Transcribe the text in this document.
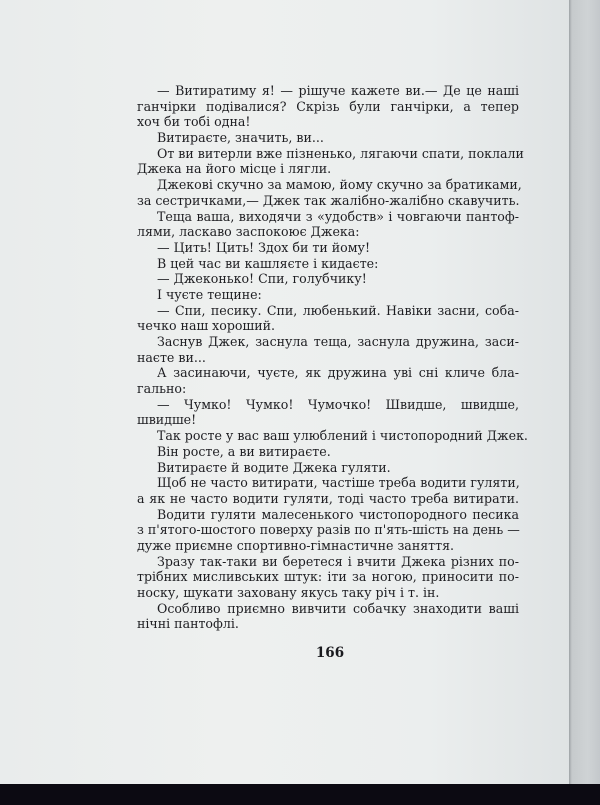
— Витиратиму я! — рішуче кажете ви.— Де це наші
ганчірки подівалися? Скрізь були ганчірки, а тепер
хоч би тобі одна!
Витираєте, значить, ви...
От ви витерли вже пізненько, лягаючи спати, поклали
Джека на його місце і лягли.
Джекові скучно за мамою, йому скучно за братиками,
за сестричками,— Джек так жалібно-жалібно скавучить.
Теща ваша, виходячи з «удобств» і човгаючи пантоф-
лями, ласкаво заспокоює Джека:
— Цить! Цить! Здох би ти йому!
В цей час ви кашляєте і кидаєте:
— Джеконько! Спи, голубчику!
І чуєте тещине:
— Спи, песику. Спи, любенький. Навіки засни, соба-
чечко наш хороший.
Заснув Джек, заснула теща, заснула дружина, заси-
наєте ви...
А засинаючи, чуєте, як дружина уві сні кличе бла-
гально:
— Чумко! Чумко! Чумочко! Швидше, швидше,
швидше!
Так росте у вас ваш улюблений і чистопородний Джек.
Він росте, а ви витираєте.
Витираєте й водите Джека гуляти.
Щоб не часто витирати, частіше треба водити гуляти,
а як не часто водити гуляти, тоді часто треба витирати.
Водити гуляти малесенького чистопородного песика
з п'ятого-шостого поверху разів по п'ять-шість на день —
дуже приємне спортивно-гімнастичне заняття.
Зразу так-таки ви беретеся і вчити Джека різних по-
трібних мисливських штук: іти за ногою, приносити по-
носку, шукати заховану якусь таку річ і т. ін.
Особливо приємно вивчити собачку знаходити ваші
нічні пантофлі.
166
